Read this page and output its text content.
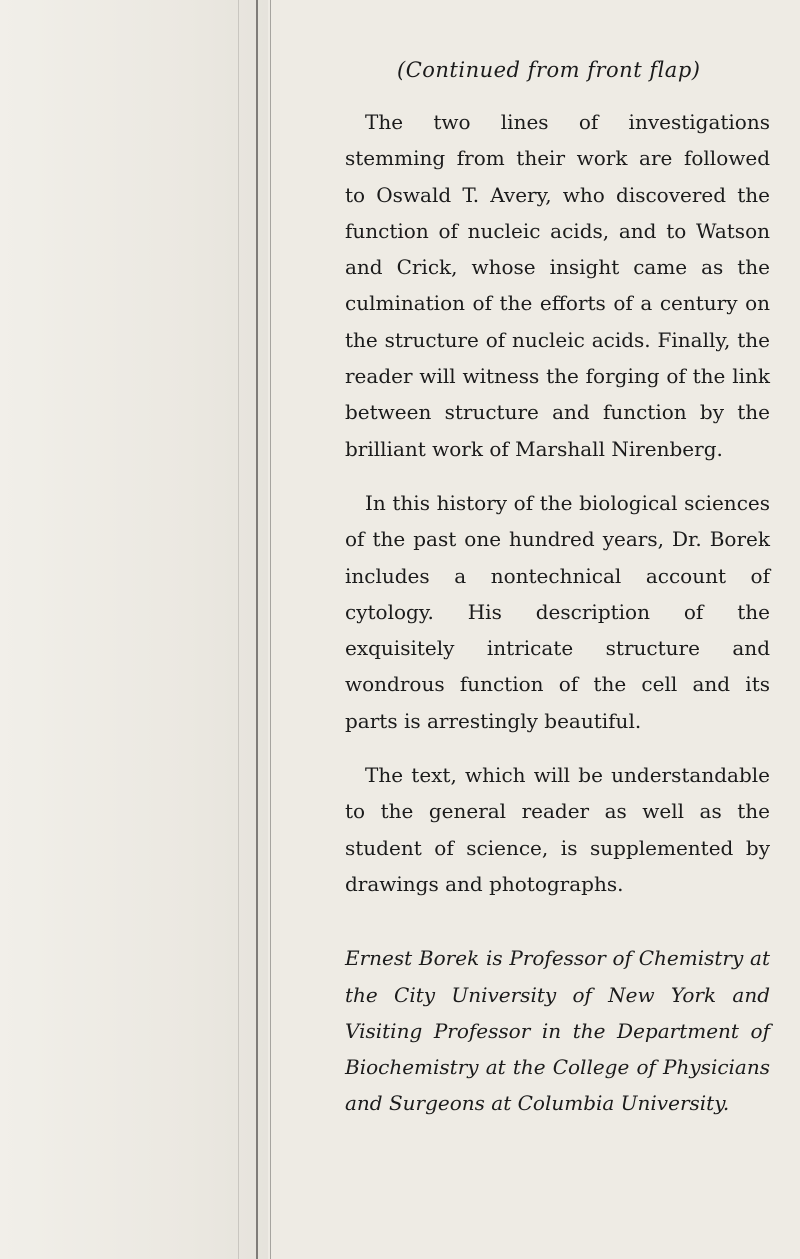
(Continued from front flap)

The two lines of investigations stemming from their work are followed to Oswald T. Avery, who discovered the function of nucleic acids, and to Watson and Crick, whose insight came as the culmination of the efforts of a century on the structure of nucleic acids. Finally, the reader will witness the forging of the link between structure and function by the brilliant work of Marshall Nirenberg.

In this history of the biological sciences of the past one hundred years, Dr. Borek includes a nontechnical account of cytology. His description of the exquisitely intricate structure and wondrous function of the cell and its parts is arrestingly beautiful.

The text, which will be understandable to the general reader as well as the student of science, is supplemented by drawings and photographs.

Ernest Borek is Professor of Chemistry at the City University of New York and Visiting Professor in the Department of Biochemistry at the College of Physicians and Surgeons at Columbia University.
